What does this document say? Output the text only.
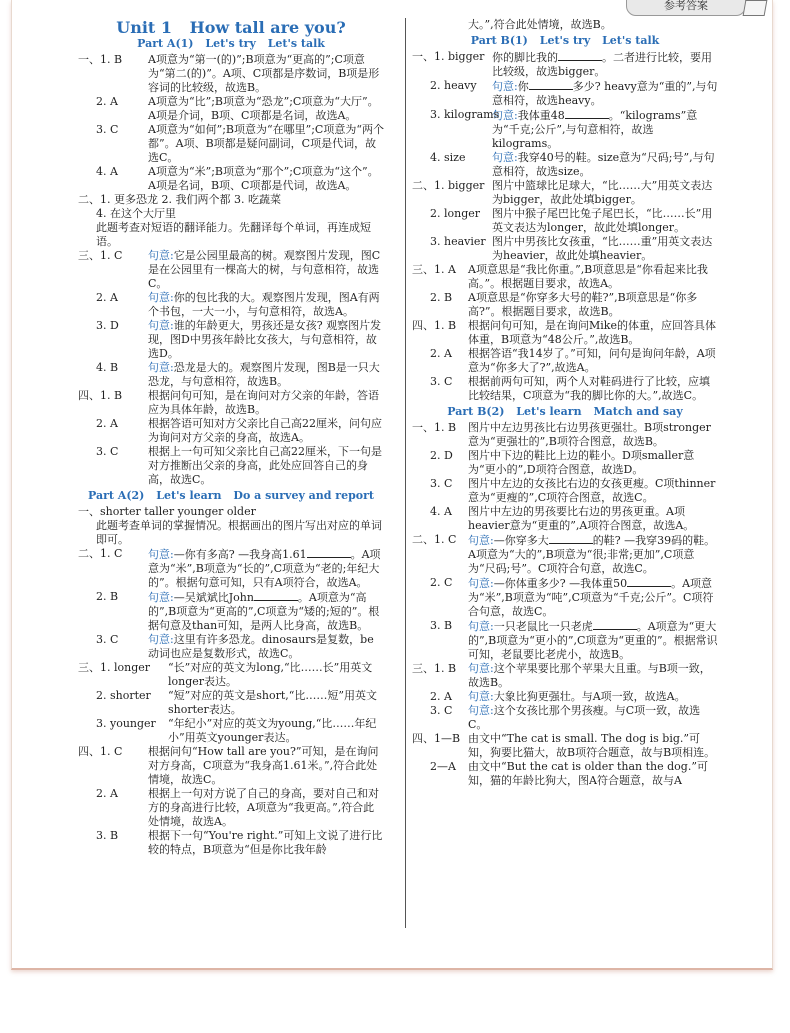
参考答案
Unit 1 How tall are you?
Part A(1) Let's try Let's talk
一、1. B A项意为“第一(的)”;B项意为“更高的”;C项意为“第二(的)”。A项、C项都是序数词，B项是形容词的比较级，故选B。
2. A	A项意为“比”;B项意为“恐龙”;C项意为“大厅”。A项是介词，B项、C项都是名词，故选A。
3. C	A项意为“如何”;B项意为“在哪里”;C项意为“两个都”。A项、B项都是疑问副词，C项是代词，故选C。
4. A	A项意为“米”;B项意为“那个”;C项意为“这个”。A项是名词，B项、C项都是代词，故选A。

二、1. 更多恐龙 2. 我们两个都 3. 吃蔬菜

4. 在这个大厅里

此题考查对短语的翻译能力。先翻译每个单词，再连成短语。

三、1. C 句意:它是公园里最高的树。观察图片发现，图C是在公园里有一棵高大的树，与句意相符，故选C。
2. A	句意:你的包比我的大。观察图片发现，图A有两个书包，一大一小，与句意相符，故选A。
3. D	句意:谁的年龄更大，男孩还是女孩? 观察图片发现，图D中男孩年龄比女孩大，与句意相符，故选D。
4. B	句意:恐龙是大的。观察图片发现，图B是一只大恐龙，与句意相符，故选B。
四、1. B 根据问句可知，是在询问对方父亲的年龄，答语应为具体年龄，故选B。
2. A	根据答语可知对方父亲比自己高22厘米，问句应为询问对方父亲的身高，故选A。
3. C	根据上一句可知父亲比自己高22厘米，下一句是对方推断出父亲的身高，此处应回答自己的身高，故选C。
Part A(2) Let's learn Do a survey and report

一、shorter taller younger older

此题考查单词的掌握情况。根据画出的图片写出对应的单词即可。

二、1. C 句意:—你有多高? —我身高1.61	。A项意为“米”,B项意为“长的”,C项意为“老的;年纪大的”。根据句意可知，只有A项符合，故选A。
2. B	句意:—吴斌斌比John	。A项意为“高的”,B项意为“更高的”,C项意为“矮的;短的”。根据句意及than可知，是两人比身高，故选B。
3. C	句意:这里有许多恐龙。dinosaurs是复数，be动词也应是复数形式，故选C。
三、1. longer “长”对应的英文为long,“比……长”用英文longer表达。
2. shorter “短”对应的英文是short,“比……短”用英文shorter表达。
3. younger “年纪小”对应的英文为young,“比……年纪小”用英文younger表达。
四、1. C 根据问句“How tall are you?”可知，是在询问对方身高，C项意为“我身高1.61米。”,符合此处情境，故选C。
2. A	根据上一句对方说了自己的身高，要对自己和对方的身高进行比较，A项意为“我更高。”,符合此处情境，故选A。
3. B	根据下一句“You're right.”可知上文说了进行比较的特点，B项意为“但是你比我年龄

大。”,符合此处情境，故选B。

Part B(1) Let's try Let's talk
一、1. bigger 你的脚比我的	。二者进行比较，要用比较级，故选bigger。
2. heavy 句意:你	多少? heavy意为“重的”,与句意相符，故选heavy。
3. kilograms
句意:我体重48	。“kilograms”意为“千克;公斤”,与句意相符，故选kilograms。
4. size 句意:我穿40号的鞋。size意为“尺码;号”,与句意相符，故选size。
二、1. bigger 图片中篮球比足球大，“比……大”用英文表达为bigger，故此处填bigger。
2. longer 图片中猴子尾巴比兔子尾巴长，“比……长”用英文表达为longer，故此处填longer。
3. heavier 图片中男孩比女孩重，“比……重”用英文表达为heavier，故此处填heavier。
三、1. A A项意思是“我比你重。”,B项意思是“你看起来比我高。”。根据题目要求，故选A。
2. B A项意思是“你穿多大号的鞋?”,B项意思是“你多高?”。根据题目要求，故选B。
四、1. B 根据问句可知，是在询问Mike的体重，应回答具体体重，B项意为“48公斤。”,故选B。
2. A 根据答语“我14岁了。”可知，问句是询问年龄，A项意为“你多大了?”,故选A。
3. C 根据前两句可知，两个人对鞋码进行了比较，应填比较结果，C项意为“我的脚比你的大。”,故选C。
Part B(2) Let's learn Match and say
一、1. B 图片中左边男孩比右边男孩更强壮。B项stronger意为“更强壮的”,B项符合图意，故选B。
2. D 图片中下边的鞋比上边的鞋小。D项smaller意为“更小的”,D项符合图意，故选D。
3. C 图片中左边的女孩比右边的女孩更瘦。C项thinner意为“更瘦的”,C项符合图意，故选C。
4. A 图片中左边的男孩要比右边的男孩更重。A项heavier意为“更重的”,A项符合图意，故选A。
二、1. C 句意:—你穿多大	的鞋? —我穿39码的鞋。A项意为“大的”,B项意为“很;非常;更加”,C项意为“尺码;号”。C项符合句意，故选C。
2. C 句意:—你体重多少? —我体重50	。A项意为“米”,B项意为“吨”,C项意为“千克;公斤”。C项符合句意，故选C。
3. B 句意:一只老鼠比一只老虎	。A项意为“更大的”,B项意为“更小的”,C项意为“更重的”。根据常识可知，老鼠要比老虎小，故选B。
三、1. B 句意:这个苹果要比那个苹果大且重。与B项一致，故选B。
2. A 句意:大象比狗更强壮。与A项一致，故选A。
3. C 句意:这个女孩比那个男孩瘦。与C项一致，故选C。
四、1—B 由文中“The cat is small. The dog is big.”可知，狗要比猫大，故B项符合题意，故与B项相连。
2—A 由文中“But the cat is older than the dog.”可知，猫的年龄比狗大，图A符合题意，故与A
